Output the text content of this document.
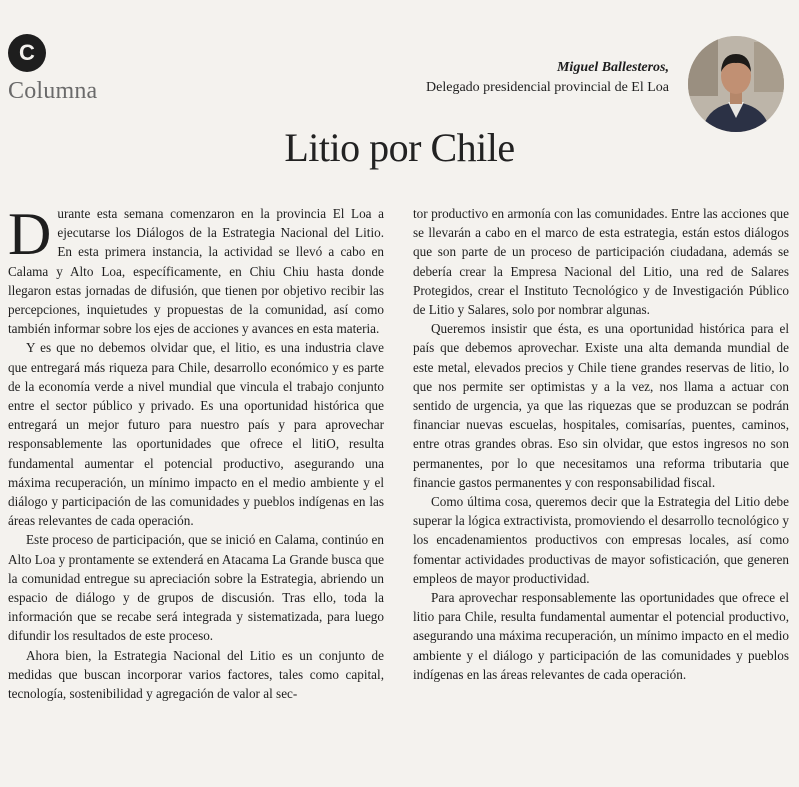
C
Columna
Miguel Ballesteros,
Delegado presidencial provincial de El Loa
Litio por Chile

Durante esta semana comenzaron en la provincia El Loa a ejecutarse los Diálogos de la Estrategia Nacional del Litio. En esta primera instancia, la actividad se llevó a cabo en Calama y Alto Loa, específicamente, en Chiu Chiu hasta donde llegaron estas jornadas de difusión, que tienen por objetivo recibir las percepciones, inquietudes y propuestas de la comunidad, así como también informar sobre los ejes de acciones y avances en esta materia.

Y es que no debemos olvidar que, el litio, es una industria clave que entregará más riqueza para Chile, desarrollo económico y es parte de la economía verde a nivel mundial que vincula el trabajo conjunto entre el sector público y privado. Es una oportunidad histórica que entregará un mejor futuro para nuestro país y para aprovechar responsablemente las oportunidades que ofrece el litiO, resulta fundamental aumentar el potencial productivo, asegurando una máxima recuperación, un mínimo impacto en el medio ambiente y el diálogo y participación de las comunidades y pueblos indígenas en las áreas relevantes de cada operación.

Este proceso de participación, que se inició en Calama, continúo en Alto Loa y prontamente se extenderá en Atacama La Grande busca que la comunidad entregue su apreciación sobre la Estrategia, abriendo un espacio de diálogo y de grupos de discusión. Tras ello, toda la información que se recabe será integrada y sistematizada, para luego difundir los resultados de este proceso.

Ahora bien, la Estrategia Nacional del Litio es un conjunto de medidas que buscan incorporar varios factores, tales como capital, tecnología, sostenibilidad y agregación de valor al sec-

tor productivo en armonía con las comunidades. Entre las acciones que se llevarán a cabo en el marco de esta estrategia, están estos diálogos que son parte de un proceso de participación ciudadana, además se debería crear la Empresa Nacional del Litio, una red de Salares Protegidos, crear el Instituto Tecnológico y de Investigación Público de Litio y Salares, solo por nombrar algunas.

Queremos insistir que ésta, es una oportunidad histórica para el país que debemos aprovechar. Existe una alta demanda mundial de este metal, elevados precios y Chile tiene grandes reservas de litio, lo que nos permite ser optimistas y a la vez, nos llama a actuar con sentido de urgencia, ya que las riquezas que se produzcan se podrán financiar nuevas escuelas, hospitales, comisarías, puentes, caminos, entre otras grandes obras. Eso sin olvidar, que estos ingresos no son permanentes, por lo que necesitamos una reforma tributaria que financie gastos permanentes y con responsabilidad fiscal.

Como última cosa, queremos decir que la Estrategia del Litio debe superar la lógica extractivista, promoviendo el desarrollo tecnológico y los encadenamientos productivos con empresas locales, así como fomentar actividades productivas de mayor sofisticación, que generen empleos de mayor productividad.

Para aprovechar responsablemente las oportunidades que ofrece el litio para Chile, resulta fundamental aumentar el potencial productivo, asegurando una máxima recuperación, un mínimo impacto en el medio ambiente y el diálogo y participación de las comunidades y pueblos indígenas en las áreas relevantes de cada operación.
